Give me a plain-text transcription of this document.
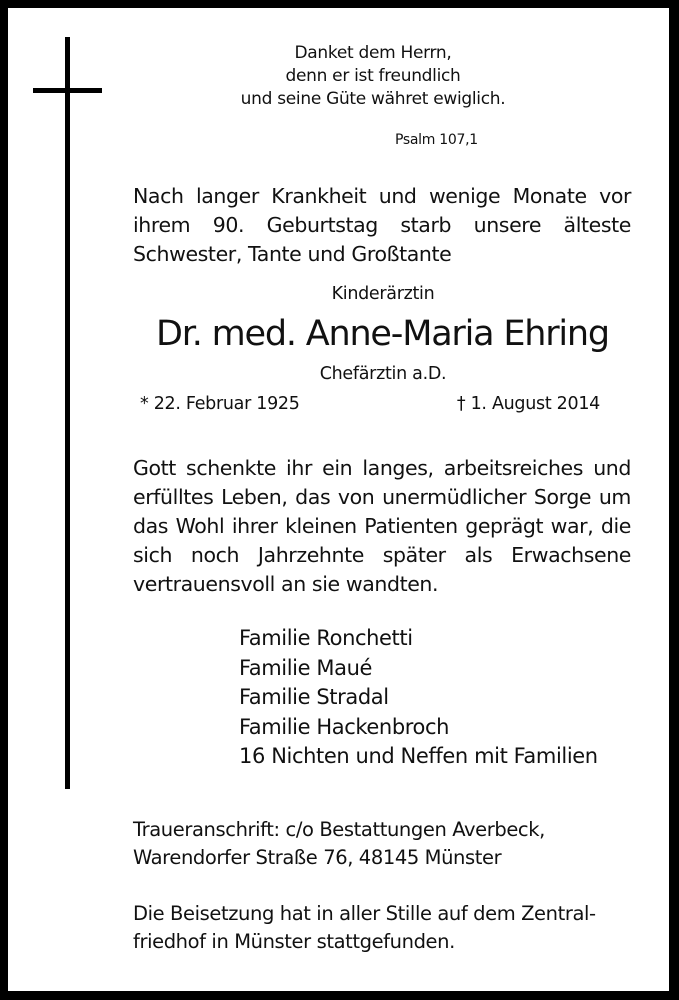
Danket dem Herrn,
denn er ist freundlich
und seine Güte währet ewiglich.
Psalm 107,1
Nach langer Krankheit und wenige Monate vor
ihrem 90. Geburtstag starb unsere älteste
Schwester, Tante und Großtante
Kinderärztin
Dr. med. Anne-Maria Ehring
Chefärztin a.D.
* 22. Februar 1925	† 1. August 2014
Gott schenkte ihr ein langes, arbeitsreiches und
erfülltes Leben, das von unermüdlicher Sorge um
das Wohl ihrer kleinen Patienten geprägt war, die
sich noch Jahrzehnte später als Erwachsene
vertrauensvoll an sie wandten.
Familie Ronchetti
Familie Maué
Familie Stradal
Familie Hackenbroch
16 Nichten und Neffen mit Familien
Traueranschrift: c/o Bestattungen Averbeck,
Warendorfer Straße 76, 48145 Münster
Die Beisetzung hat in aller Stille auf dem Zentral-
friedhof in Münster stattgefunden.
